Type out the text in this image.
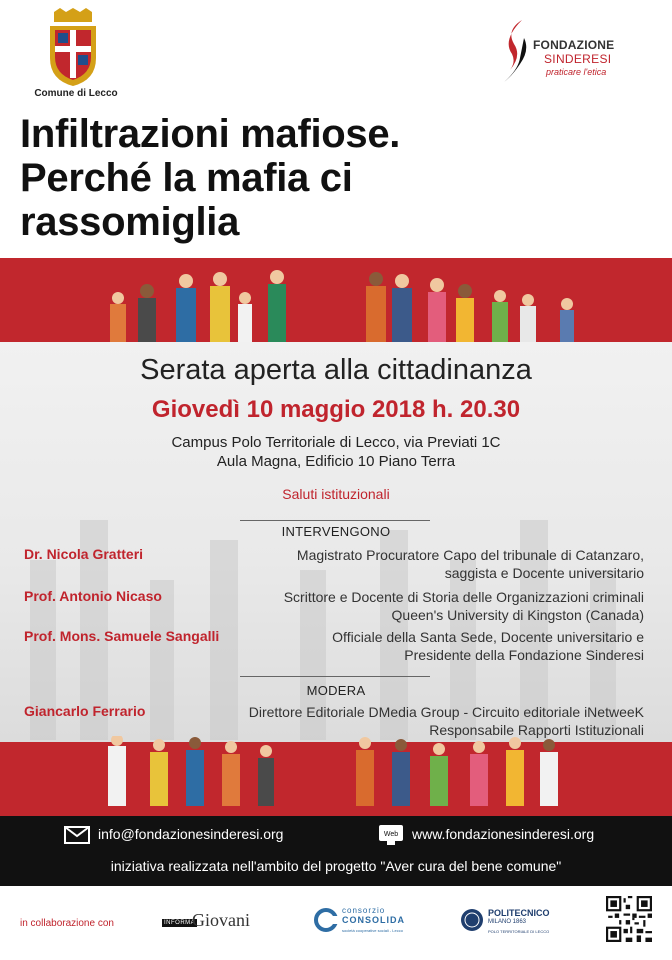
Comune di Lecco
FONDAZIONE
SINDERESI
praticare l'etica
Infiltrazioni mafiose.
Perché la mafia ci
rassomiglia
Serata aperta alla cittadinanza
Giovedì 10 maggio 2018 h. 20.30
Campus Polo Territoriale di Lecco, via Previati 1C
Aula Magna, Edificio 10 Piano Terra
Saluti istituzionali
INTERVENGONO
Dr. Nicola Gratteri	Magistrato Procuratore Capo del tribunale di Catanzaro,
saggista e Docente universitario
Prof. Antonio Nicaso	Scrittore e Docente di Storia delle Organizzazioni criminali
Queen's University di Kingston (Canada)
Prof. Mons. Samuele Sangalli	Officiale della Santa Sede, Docente universitario e
Presidente della Fondazione Sinderesi
MODERA
Giancarlo Ferrario	Direttore Editoriale DMedia Group - Circuito editoriale iNetweeK
Responsabile Rapporti Istituzionali
info@fondazionesinderesi.org	Web www.fondazionesinderesi.org
iniziativa realizzata nell'ambito del progetto "Aver cura del bene comune"
in collaborazione con	INFORMA
Giovani	consorzio
CONSOLIDA
società cooperative sociali - Lecco
POLITECNICO
MILANO 1863
POLO TERRITORIALE DI LECCO
